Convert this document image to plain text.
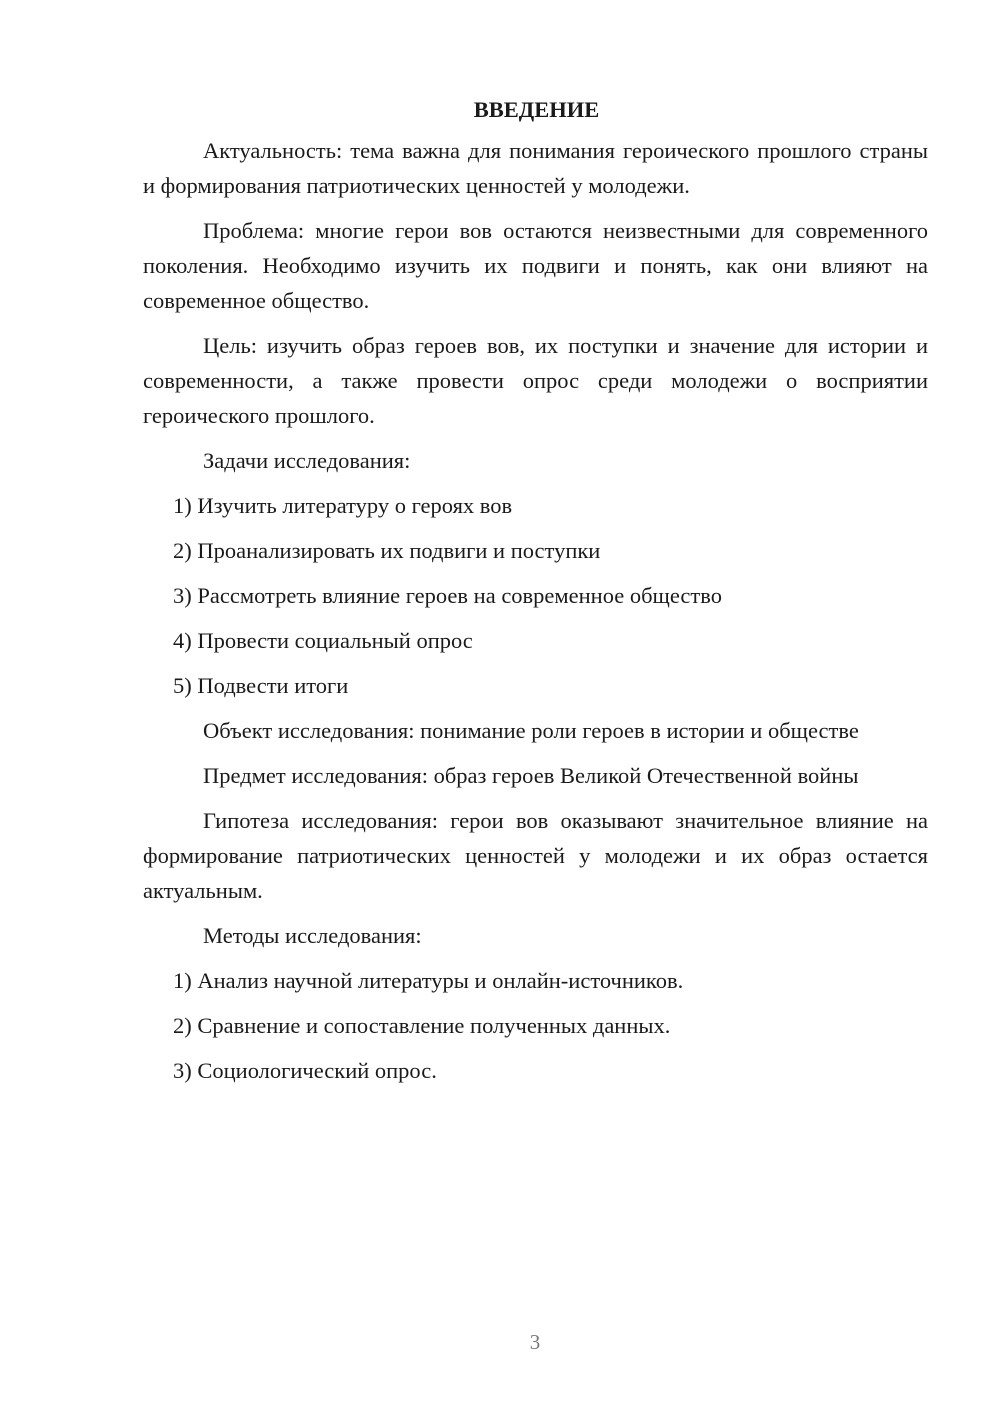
ВВЕДЕНИЕ
Актуальность: тема важна для понимания героического прошлого страны и формирования патриотических ценностей у молодежи.
Проблема: многие герои вов остаются неизвестными для современного поколения. Необходимо изучить их подвиги и понять, как они влияют на современное общество.
Цель: изучить образ героев вов, их поступки и значение для истории и современности, а также провести опрос среди молодежи о восприятии героического прошлого.
Задачи исследования:
1) Изучить литературу о героях вов
2) Проанализировать их подвиги и поступки
3) Рассмотреть влияние героев на современное общество
4) Провести социальный опрос
5) Подвести итоги
Объект исследования: понимание роли героев в истории и обществе
Предмет исследования: образ героев Великой Отечественной войны
Гипотеза исследования: герои вов оказывают значительное влияние на формирование патриотических ценностей у молодежи и их образ остается актуальным.
Методы исследования:
1) Анализ научной литературы и онлайн-источников.
2) Сравнение и сопоставление полученных данных.
3) Социологический опрос.
3
